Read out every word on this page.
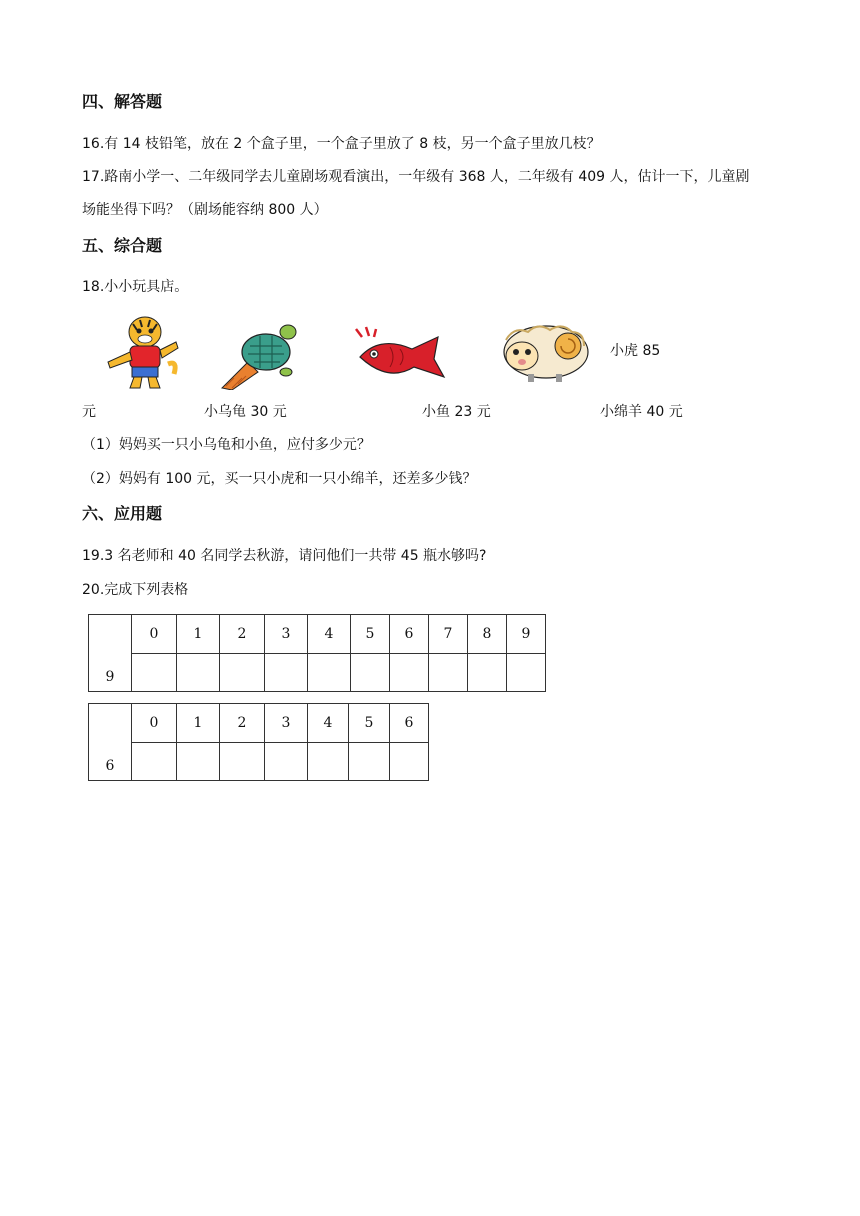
四、解答题
16.有 14 枝铅笔，放在 2 个盒子里，一个盒子里放了 8 枝，另一个盒子里放几枝？
17.路南小学一、二年级同学去儿童剧场观看演出，一年级有 368 人，二年级有 409 人，估计一下，儿童剧
场能坐得下吗？（剧场能容纳 800 人）
五、综合题
18.小小玩具店。
小虎 85
元	小乌龟 30 元	小鱼 23 元	小绵羊 40 元
（1）妈妈买一只小乌龟和小鱼，应付多少元？
（2）妈妈有 100 元，买一只小虎和一只小绵羊，还差多少钱？
六、应用题
19.3 名老师和 40 名同学去秋游，请问他们一共带 45 瓶水够吗?
20.完成下列表格
9	0	1	2	3	4	5	6	7	8	9

6	0	1	2	3	4	5	6
